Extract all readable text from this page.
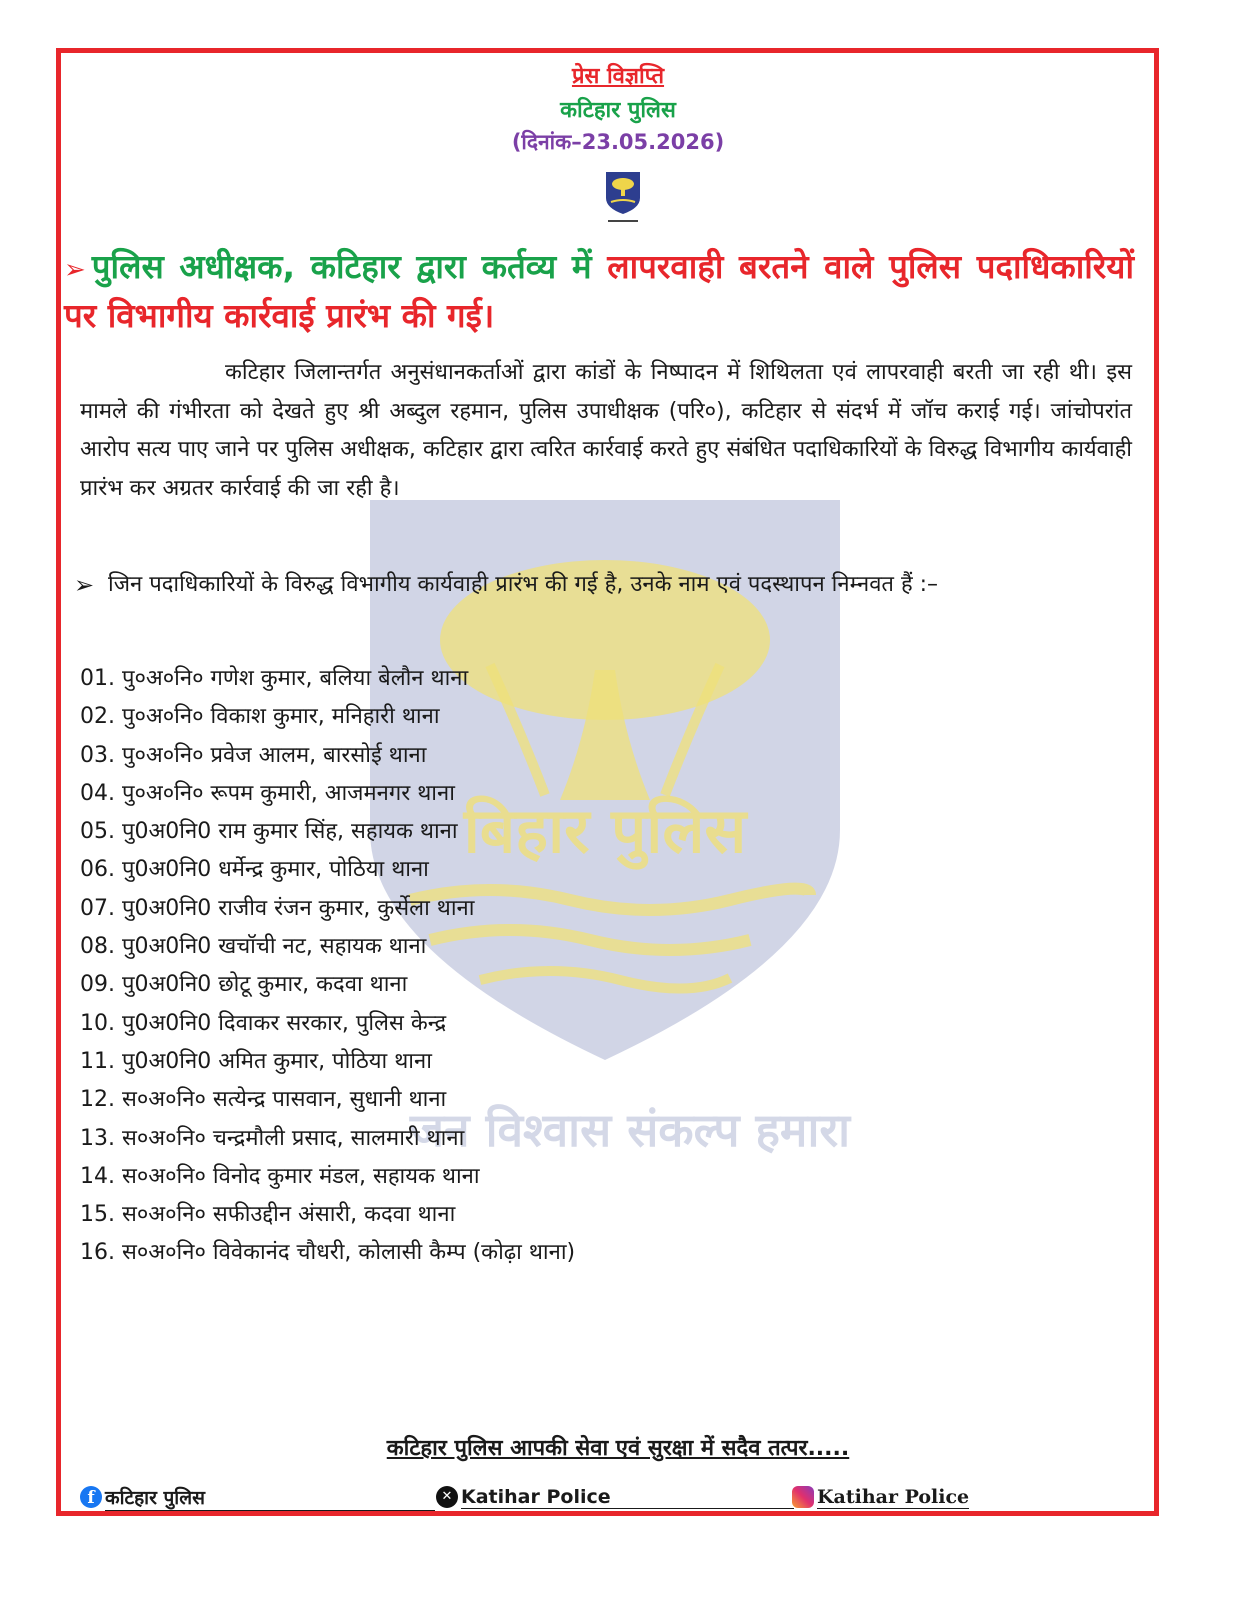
बिहार पुलिस
जन विश्वास संकल्प हमारा
प्रेस विज्ञप्ति
कटिहार पुलिस
(दिनांक–23.05.2026)
➢ पुलिस अधीक्षक, कटिहार द्वारा कर्तव्य में लापरवाही बरतने वाले पुलिस पदाधिकारियों पर विभागीय कार्रवाई प्रारंभ की गई।
कटिहार जिलान्तर्गत अनुसंधानकर्ताओं द्वारा कांडों के निष्पादन में शिथिलता एवं लापरवाही बरती जा रही थी। इस मामले की गंभीरता को देखते हुए श्री अब्दुल रहमान, पुलिस उपाधीक्षक (परि०), कटिहार से संदर्भ में जॉच कराई गई। जांचोपरांत आरोप सत्य पाए जाने पर पुलिस अधीक्षक, कटिहार द्वारा त्वरित कार्रवाई करते हुए संबंधित पदाधिकारियों के विरुद्ध विभागीय कार्यवाही प्रारंभ कर अग्रतर कार्रवाई की जा रही है।
➢ जिन पदाधिकारियों के विरुद्ध विभागीय कार्यवाही प्रारंभ की गई है, उनके नाम एवं पदस्थापन निम्नवत हैं :–
01. पु०अ०नि० गणेश कुमार, बलिया बेलौन थाना
02. पु०अ०नि० विकाश कुमार, मनिहारी थाना
03. पु०अ०नि० प्रवेज आलम, बारसोई थाना
04. पु०अ०नि० रूपम कुमारी, आजमनगर थाना
05. पु0अ0नि0 राम कुमार सिंह, सहायक थाना
06. पु0अ0नि0 धर्मेन्द्र कुमार, पोठिया थाना
07. पु0अ0नि0 राजीव रंजन कुमार, कुर्सेला थाना
08. पु0अ0नि0 खचॉची नट, सहायक थाना
09. पु0अ0नि0 छोटू कुमार, कदवा थाना
10. पु0अ0नि0 दिवाकर सरकार, पुलिस केन्द्र
11. पु0अ0नि0 अमित कुमार, पोठिया थाना
12. स०अ०नि० सत्येन्द्र पासवान, सुधानी थाना
13. स०अ०नि० चन्द्रमौली प्रसाद, सालमारी थाना
14. स०अ०नि० विनोद कुमार मंडल, सहायक थाना
15. स०अ०नि० सफीउद्दीन अंसारी, कदवा थाना
16. स०अ०नि० विवेकानंद चौधरी, कोलासी कैम्प (कोढ़ा थाना)
कटिहार पुलिस आपकी सेवा एवं सुरक्षा में सदैव तत्पर.....
f कटिहार पुलिस	✕ Katihar Police	Katihar Police
